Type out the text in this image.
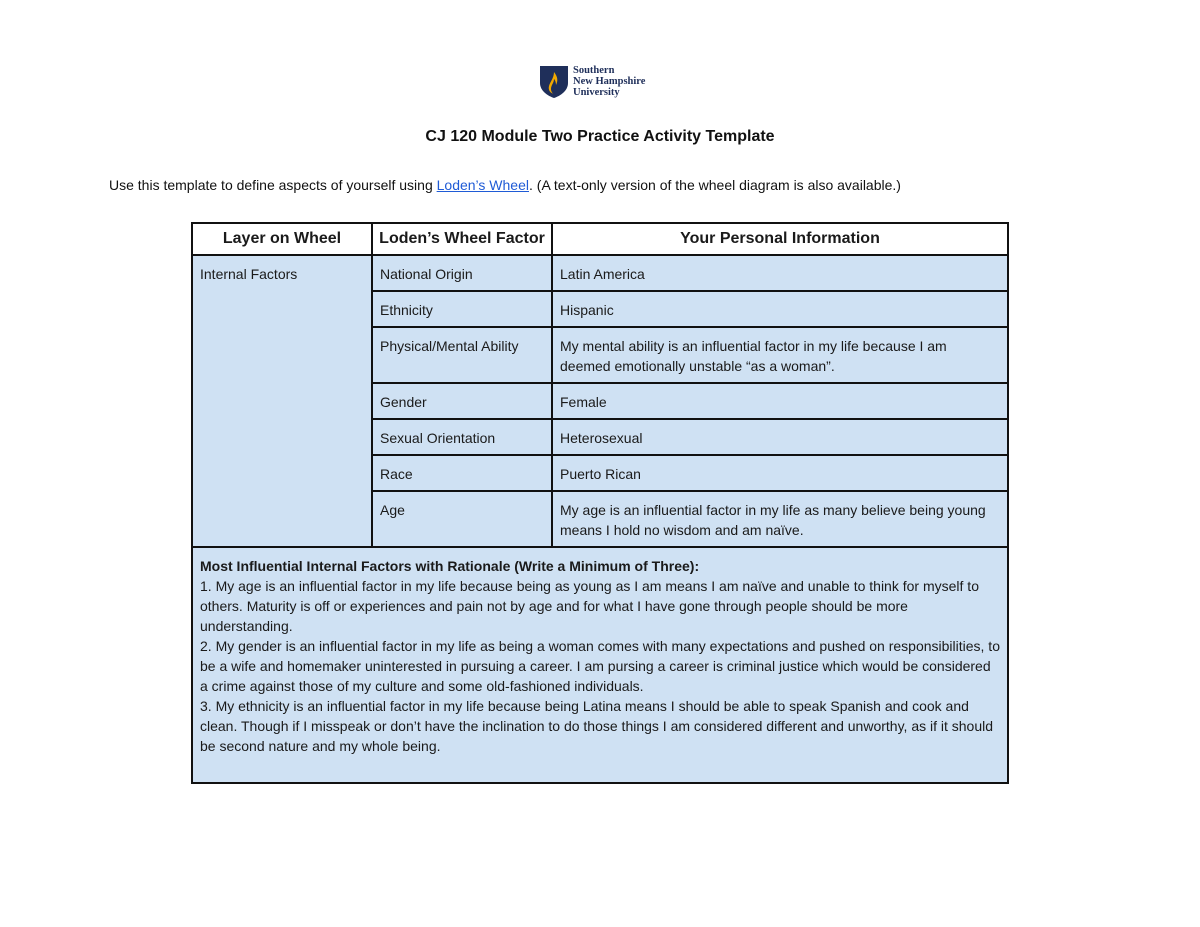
Southern
New Hampshire
University
CJ 120 Module Two Practice Activity Template
Use this template to define aspects of yourself using Loden’s Wheel. (A text-only version of the wheel diagram is also available.)
Layer on Wheel	Loden’s Wheel Factor	Your Personal Information
Internal Factors	National Origin	Latin America
	Ethnicity	Hispanic
	Physical/Mental Ability	My mental ability is an influential factor in my life because I am deemed emotionally unstable “as a woman”.
	Gender	Female
	Sexual Orientation	Heterosexual
	Race	Puerto Rican
	Age	My age is an influential factor in my life as many believe being young means I hold no wisdom and am naïve.

Most Influential Internal Factors with Rationale (Write a Minimum of Three):

1. My age is an influential factor in my life because being as young as I am means I am naïve and unable to think for myself to others. Maturity is off or experiences and pain not by age and for what I have gone through people should be more understanding.

2. My gender is an influential factor in my life as being a woman comes with many expectations and pushed on responsibilities, to be a wife and homemaker uninterested in pursuing a career. I am pursing a career is criminal justice which would be considered a crime against those of my culture and some old-fashioned individuals.

3. My ethnicity is an influential factor in my life because being Latina means I should be able to speak Spanish and cook and clean. Though if I misspeak or don’t have the inclination to do those things I am considered different and unworthy, as if it should be second nature and my whole being.		
